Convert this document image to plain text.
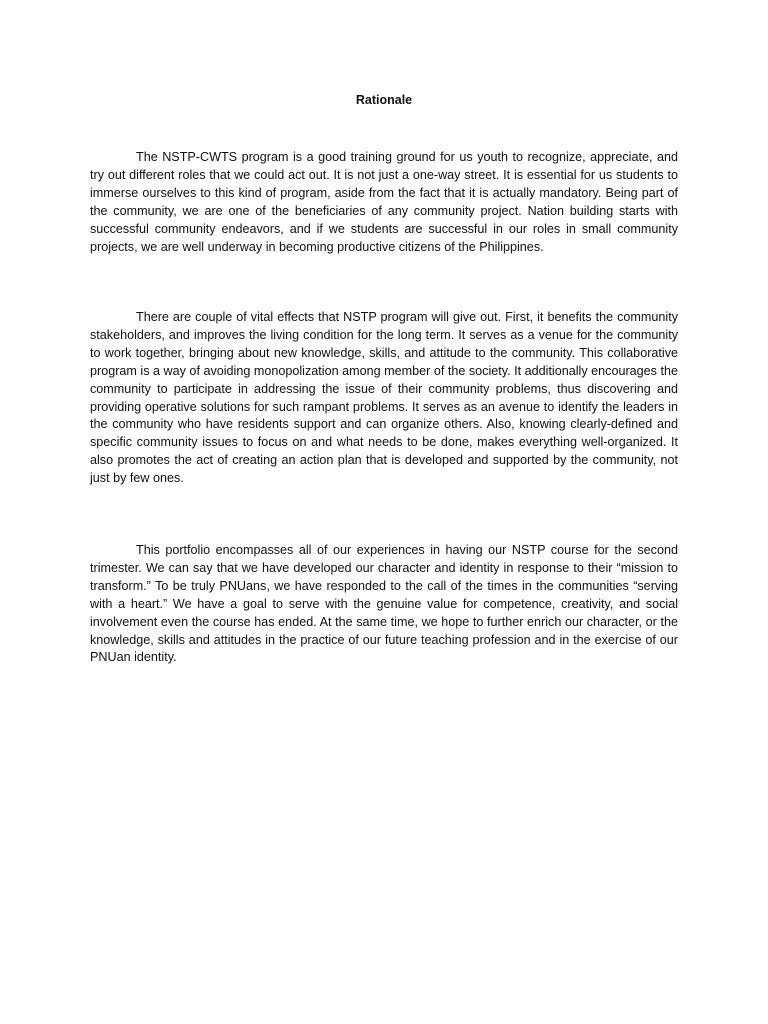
Rationale

The NSTP-CWTS program is a good training ground for us youth to recognize, appreciate, and try out different roles that we could act out. It is not just a one-way street. It is essential for us students to immerse ourselves to this kind of program, aside from the fact that it is actually mandatory. Being part of the community, we are one of the beneficiaries of any community project. Nation building starts with successful community endeavors, and if we students are successful in our roles in small community projects, we are well underway in becoming productive citizens of the Philippines.

There are couple of vital effects that NSTP program will give out. First, it benefits the community stakeholders, and improves the living condition for the long term. It serves as a venue for the community to work together, bringing about new knowledge, skills, and attitude to the community. This collaborative program is a way of avoiding monopolization among member of the society. It additionally encourages the community to participate in addressing the issue of their community problems, thus discovering and providing operative solutions for such rampant problems. It serves as an avenue to identify the leaders in the community who have residents support and can organize others. Also, knowing clearly-defined and specific community issues to focus on and what needs to be done, makes everything well-organized. It also promotes the act of creating an action plan that is developed and supported by the community, not just by few ones.

This portfolio encompasses all of our experiences in having our NSTP course for the second trimester. We can say that we have developed our character and identity in response to their “mission to transform.” To be truly PNUans, we have responded to the call of the times in the communities “serving with a heart.” We have a goal to serve with the genuine value for competence, creativity, and social involvement even the course has ended. At the same time, we hope to further enrich our character, or the knowledge, skills and attitudes in the practice of our future teaching profession and in the exercise of our PNUan identity.
